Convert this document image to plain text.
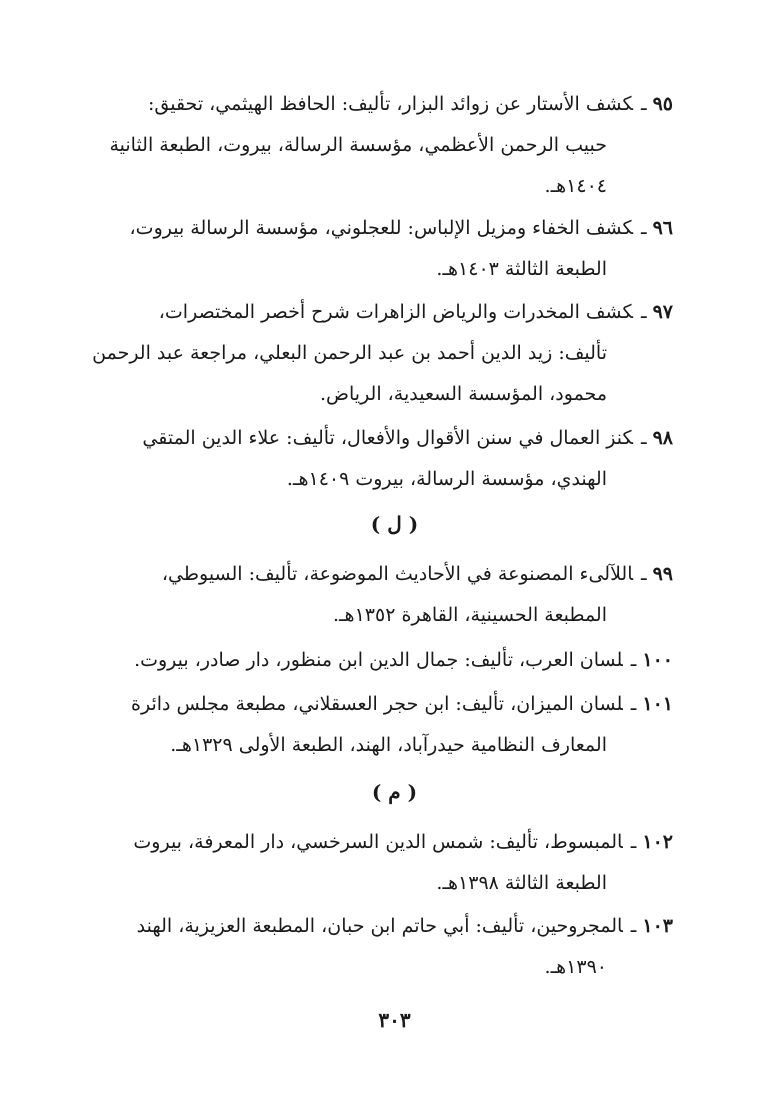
٩٥ـكشف الأستار عن زوائد البزار، تأليف: الحافظ الهيثمي، تحقيق:
حبيب الرحمن الأعظمي، مؤسسة الرسالة، بيروت، الطبعة الثانية
١٤٠٤هـ.
٩٦ـكشف الخفاء ومزيل الإلباس: للعجلوني، مؤسسة الرسالة بيروت،
الطبعة الثالثة ١٤٠٣هـ.
٩٧ـكشف المخدرات والرياض الزاهرات شرح أخصر المختصرات،
تأليف: زيد الدين أحمد بن عبد الرحمن البعلي، مراجعة عبد الرحمن
محمود، المؤسسة السعيدية، الرياض.
٩٨ـكنز العمال في سنن الأقوال والأفعال، تأليف: علاء الدين المتقي
الهندي، مؤسسة الرسالة، بيروت ١٤٠٩هـ.
( ل )
٩٩ـاللآلىء المصنوعة في الأحاديث الموضوعة، تأليف: السيوطي،
المطبعة الحسينية، القاهرة ١٣٥٢هـ.
١٠٠ـلسان العرب، تأليف: جمال الدين ابن منظور، دار صادر، بيروت.
١٠١ـلسان الميزان، تأليف: ابن حجر العسقلاني، مطبعة مجلس دائرة
المعارف النظامية حيدرآباد، الهند، الطبعة الأولى ١٣٢٩هـ.
( م )
١٠٢ـالمبسوط، تأليف: شمس الدين السرخسي، دار المعرفة، بيروت
الطبعة الثالثة ١٣٩٨هـ.
١٠٣ـالمجروحين، تأليف: أبي حاتم ابن حبان، المطبعة العزيزية، الهند
١٣٩٠هـ.
٣٠٣
